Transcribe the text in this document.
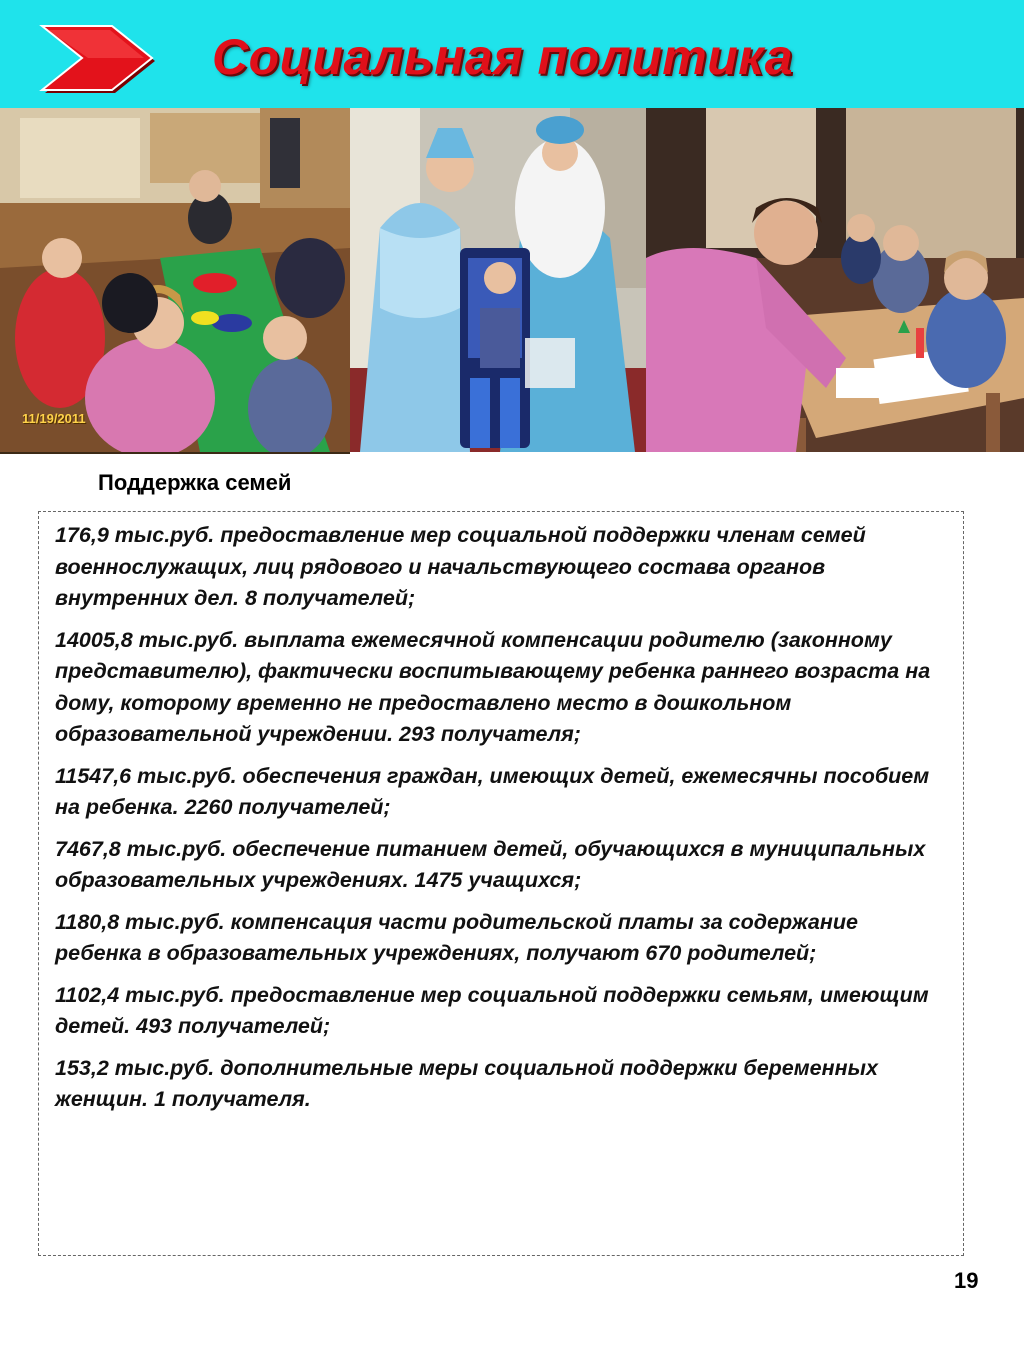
Социальная политика
11/19/2011
Поддержка семей

176,9 тыс.руб. предоставление мер социальной поддержки членам семей военнослужащих, лиц рядового и начальствующего состава органов внутренних дел. 8 получателей;

14005,8 тыс.руб. выплата ежемесячной компенсации родителю (законному представителю), фактически воспитывающему ребенка раннего возраста на дому, которому временно не предоставлено место в дошкольном образовательной учреждении. 293 получателя;

11547,6 тыс.руб. обеспечения граждан, имеющих детей, ежемесячны пособием на ребенка. 2260 получателей;

7467,8 тыс.руб. обеспечение питанием детей, обучающихся в муниципальных образовательных учреждениях. 1475 учащихся;

1180,8 тыс.руб. компенсация части родительской платы за содержание ребенка в образовательных учреждениях, получают 670 родителей;

1102,4 тыс.руб. предоставление мер социальной поддержки семьям, имеющим детей. 493 получателей;

153,2 тыс.руб. дополнительные меры социальной поддержки беременных женщин. 1 получателя.

19
